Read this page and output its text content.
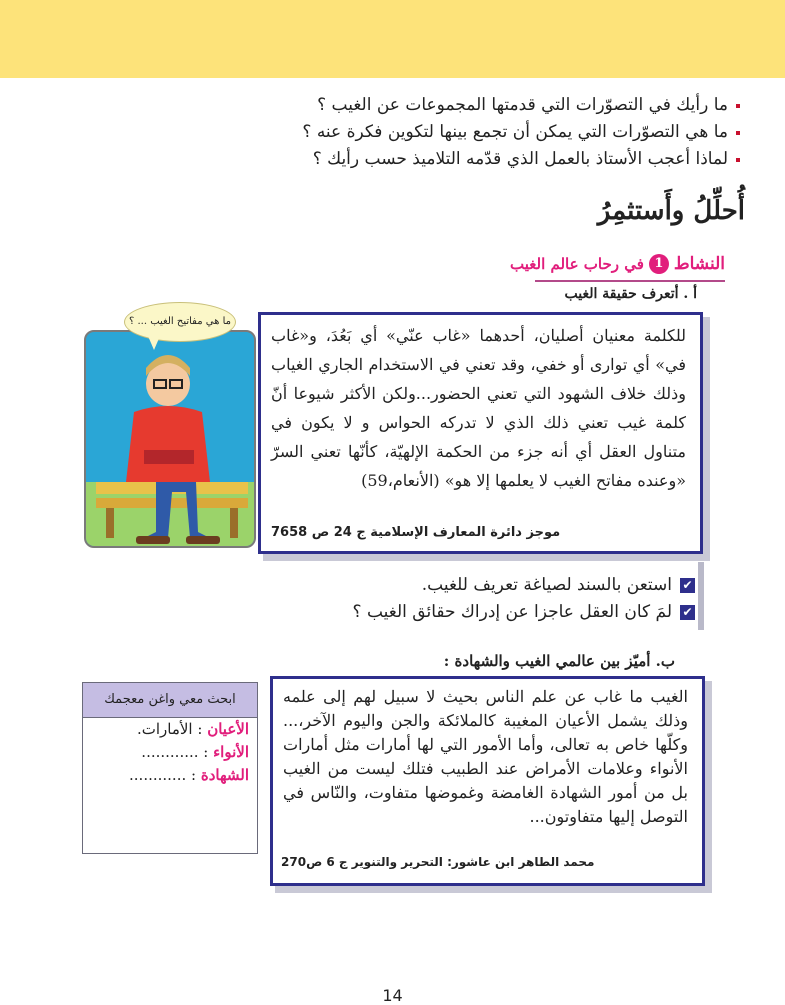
ما رأيك في التصوّرات التي قدمتها المجموعات عن الغيب ؟
ما هي التصوّرات التي يمكن أن تجمع بينها لتكوين فكرة عنه ؟
لماذا أعجب الأستاذ بالعمل الذي قدّمه التلاميذ حسب رأيك ؟
أُحلِّلُ وأَستثمِرُ
النشاط
1
في رحاب عالم الغيب
أ . أتعرف حقيقة الغيب
ما هي مفاتيح الغيب ... ؟
للكلمة معنيان أصليان، أحدهما «غاب عنّي» أي بَعُدَ، و«غاب في» أي توارى أو خفي، وقد تعني في الاستخدام الجاري الغياب وذلك خلاف الشهود التي تعني الحضور...ولكن الأكثر شيوعا أنّ كلمة غيب تعني ذلك الذي لا تدركه الحواس و لا يكون في متناول العقل أي أنه جزء من الحكمة الإلهيّة، كأنّها تعني السرّ «وعنده مفاتح الغيب لا يعلمها إلا هو» (الأنعام،59)
موجز دائرة المعارف الإسلامية ج 24 ص 7658
✔
استعن بالسند لصياغة تعريف للغيب.
✔
لمَ كان العقل عاجزا عن إدراك حقائق الغيب ؟
ب. أميّز بين عالمي الغيب والشهادة :
الغيب ما غاب عن علم الناس بحيث لا سبيل لهم إلى علمه وذلك يشمل الأعيان المغيبة كالملائكة والجن واليوم الآخر،... وكلّها خاص به تعالى، وأما الأمور التي لها أمارات مثل أمارات الأنواء وعلامات الأمراض عند الطبيب فتلك ليست من الغيب بل من أمور الشهادة الغامضة وغموضها متفاوت، والنّاس في التوصل إليها متفاوتون...
محمد الطاهر ابن عاشور: التحرير والتنوير ج 6 ص270
ابحث معي واغن معجمك
الأعيان : الأمارات.
الأنواء : ............
الشهادة : ............
14
